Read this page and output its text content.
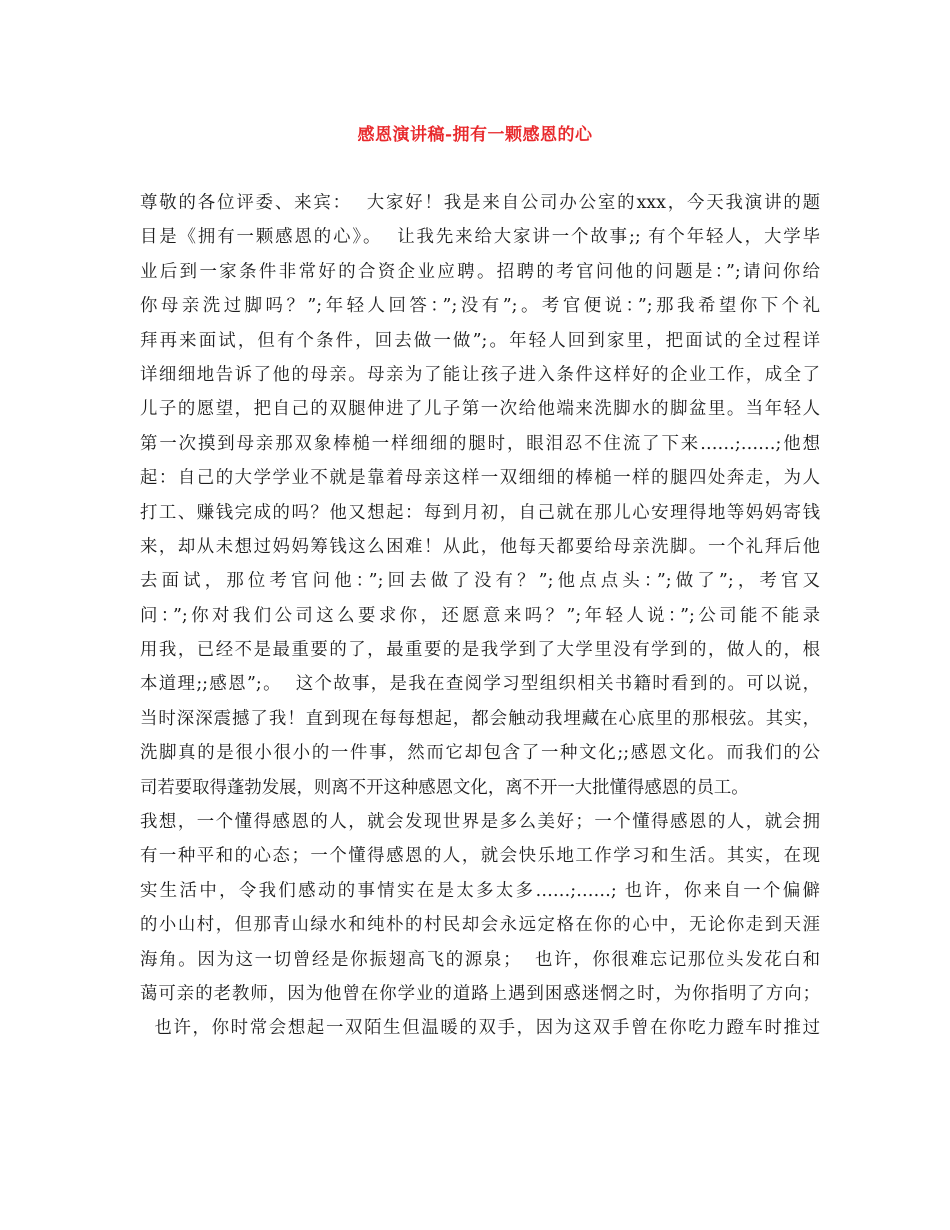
感恩演讲稿-拥有一颗感恩的心
尊敬的各位评委、来宾：  大家好！我是来自公司办公室的xxx，今天我演讲的题
目是《拥有一颗感恩的心》。  让我先来给大家讲一个故事;; 有个年轻人，大学毕
业后到一家条件非常好的合资企业应聘。招聘的考官问他的问题是：”;请问你给
你母亲洗过脚吗？”;年轻人回答：”;没有”;。考官便说：”;那我希望你下个礼
拜再来面试，但有个条件，回去做一做”;。年轻人回到家里，把面试的全过程详
详细细地告诉了他的母亲。母亲为了能让孩子进入条件这样好的企业工作，成全了
儿子的愿望，把自己的双腿伸进了儿子第一次给他端来洗脚水的脚盆里。当年轻人
第一次摸到母亲那双象棒槌一样细细的腿时，眼泪忍不住流了下来……;……;他想
起：自己的大学学业不就是靠着母亲这样一双细细的棒槌一样的腿四处奔走，为人
打工、赚钱完成的吗？他又想起：每到月初，自己就在那儿心安理得地等妈妈寄钱
来，却从未想过妈妈筹钱这么困难！从此，他每天都要给母亲洗脚。一个礼拜后他
去面试，那位考官问他：”;回去做了没有？”;他点点头：”;做了”;，考官又
问：”;你对我们公司这么要求你，还愿意来吗？”;年轻人说：”;公司能不能录
用我，已经不是最重要的了，最重要的是我学到了大学里没有学到的，做人的，根
本道理;;感恩”;。  这个故事，是我在查阅学习型组织相关书籍时看到的。可以说，
当时深深震撼了我！直到现在每每想起，都会触动我埋藏在心底里的那根弦。其实，
洗脚真的是很小很小的一件事，然而它却包含了一种文化;;感恩文化。而我们的公
司若要取得蓬勃发展，则离不开这种感恩文化，离不开一大批懂得感恩的员工。
我想，一个懂得感恩的人，就会发现世界是多么美好；一个懂得感恩的人，就会拥
有一种平和的心态；一个懂得感恩的人，就会快乐地工作学习和生活。其实，在现
实生活中，令我们感动的事情实在是太多太多……;……; 也许，你来自一个偏僻
的小山村，但那青山绿水和纯朴的村民却会永远定格在你的心中，无论你走到天涯
海角。因为这一切曾经是你振翅高飞的源泉；  也许，你很难忘记那位头发花白和
蔼可亲的老教师，因为他曾在你学业的道路上遇到困惑迷惘之时，为你指明了方向；
也许，你时常会想起一双陌生但温暖的双手，因为这双手曾在你吃力蹬车时推过
